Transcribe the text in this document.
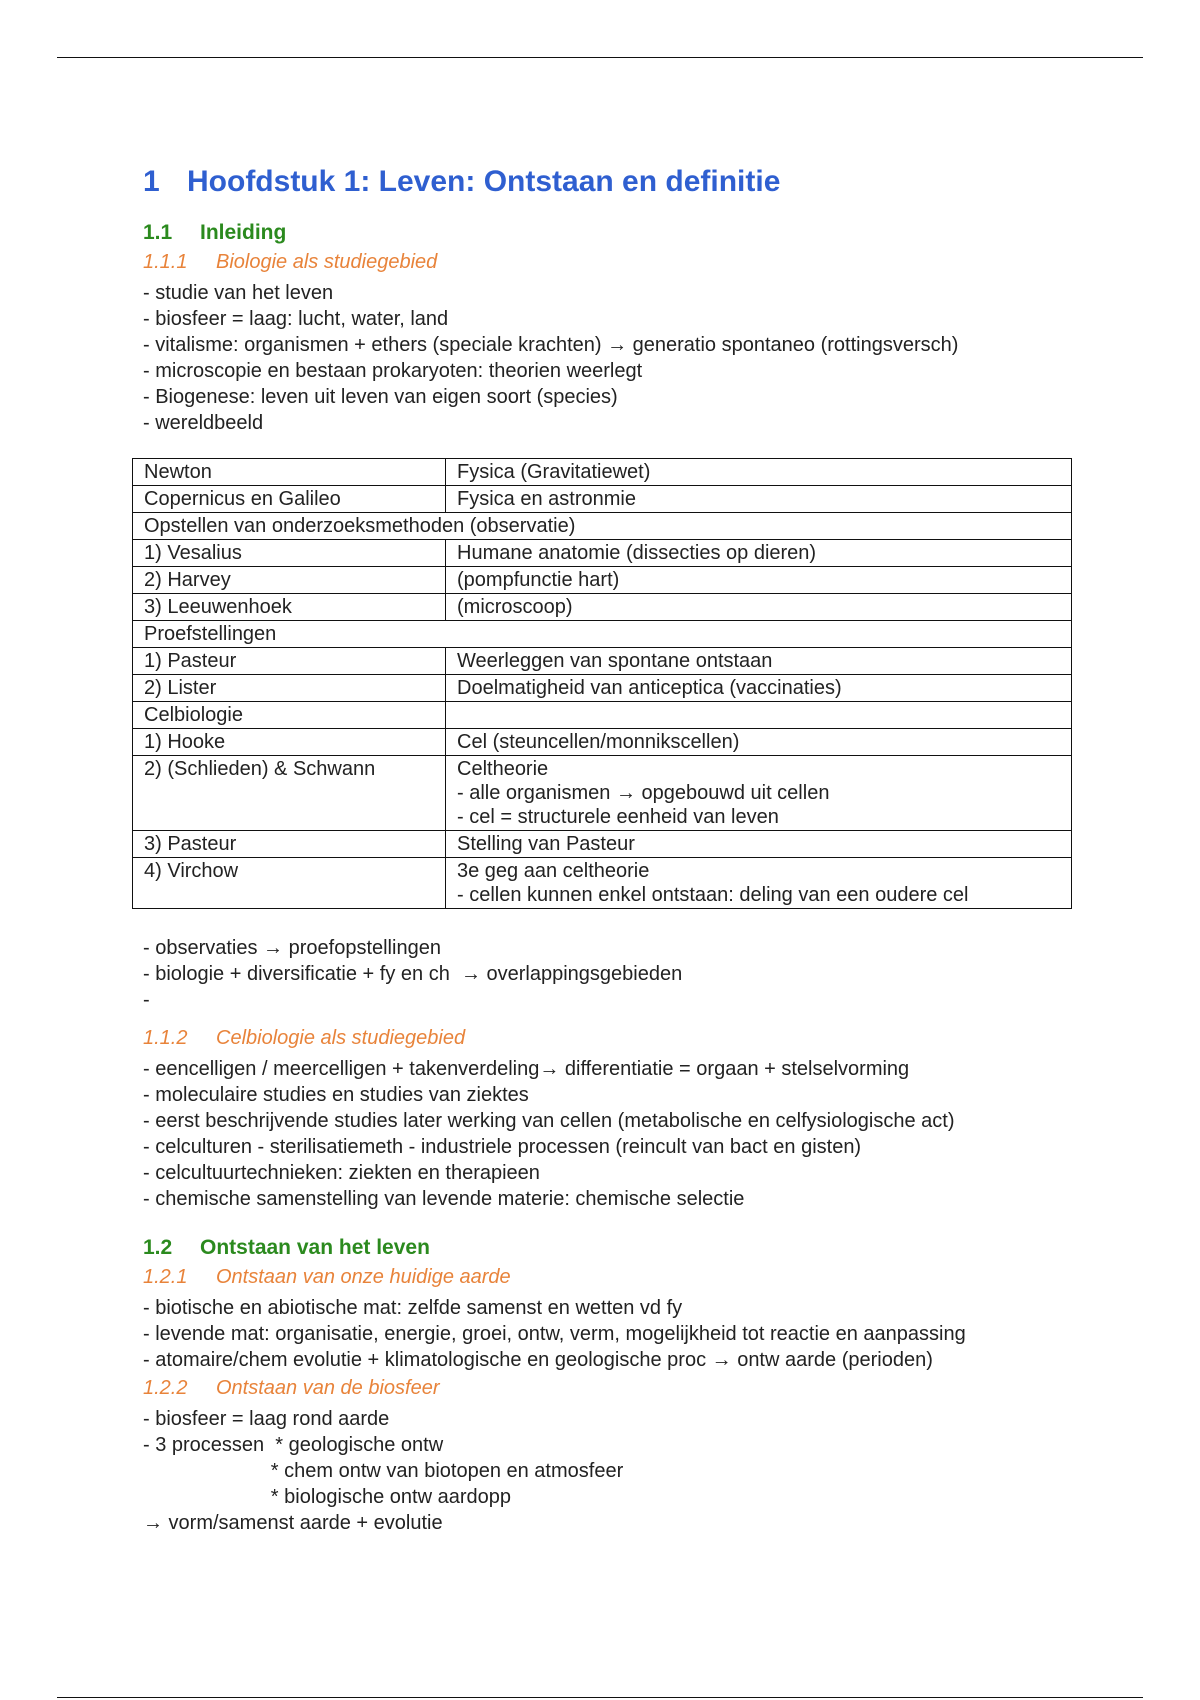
1 Hoofdstuk 1: Leven: Ontstaan en definitie
1.1	Inleiding
1.1.1	Biologie als studiegebied
- studie van het leven
- biosfeer = laag: lucht, water, land
- vitalisme: organismen + ethers (speciale krachten) → generatio spontaneo (rottingsversch)
- microscopie en bestaan prokaryoten: theorien weerlegt
- Biogenese: leven uit leven van eigen soort (species)
- wereldbeeld
Newton	Fysica (Gravitatiewet)
Copernicus en Galileo	Fysica en astronmie
Opstellen van onderzoeksmethoden (observatie)	
1) Vesalius	Humane anatomie (dissecties op dieren)
2) Harvey	(pompfunctie hart)
3) Leeuwenhoek	(microscoop)
Proefstellingen	
1) Pasteur	Weerleggen van spontane ontstaan
2) Lister	Doelmatigheid van anticeptica (vaccinaties)
Celbiologie	
1) Hooke	Cel (steuncellen/monnikscellen)
2) (Schlieden) & Schwann	Celtheorie
- alle organismen → opgebouwd uit cellen
- cel = structurele eenheid van leven

3) Pasteur	Stelling van Pasteur
4) Virchow	3e geg aan celtheorie
- cellen kunnen enkel ontstaan: deling van een oudere cel
- observaties → proefopstellingen
- biologie + diversificatie + fy en ch  → overlappingsgebieden
-
1.1.2	Celbiologie als studiegebied
- eencelligen / meercelligen + takenverdeling→ differentiatie = orgaan + stelselvorming
- moleculaire studies en studies van ziektes
- eerst beschrijvende studies later werking van cellen (metabolische en celfysiologische act)
- celculturen - sterilisatiemeth - industriele processen (reincult van bact en gisten)
- celcultuurtechnieken: ziekten en therapieen
- chemische samenstelling van levende materie: chemische selectie
1.2	Ontstaan van het leven
1.2.1	Ontstaan van onze huidige aarde
- biotische en abiotische mat: zelfde samenst en wetten vd fy
- levende mat: organisatie, energie, groei, ontw, verm, mogelijkheid tot reactie en aanpassing
- atomaire/chem evolutie + klimatologische en geologische proc → ontw aarde (perioden)
1.2.2	Ontstaan van de biosfeer
- biosfeer = laag rond aarde
- 3 processen  * geologische ontw
* chem ontw van biotopen en atmosfeer
* biologische ontw aardopp
→ vorm/samenst aarde + evolutie
